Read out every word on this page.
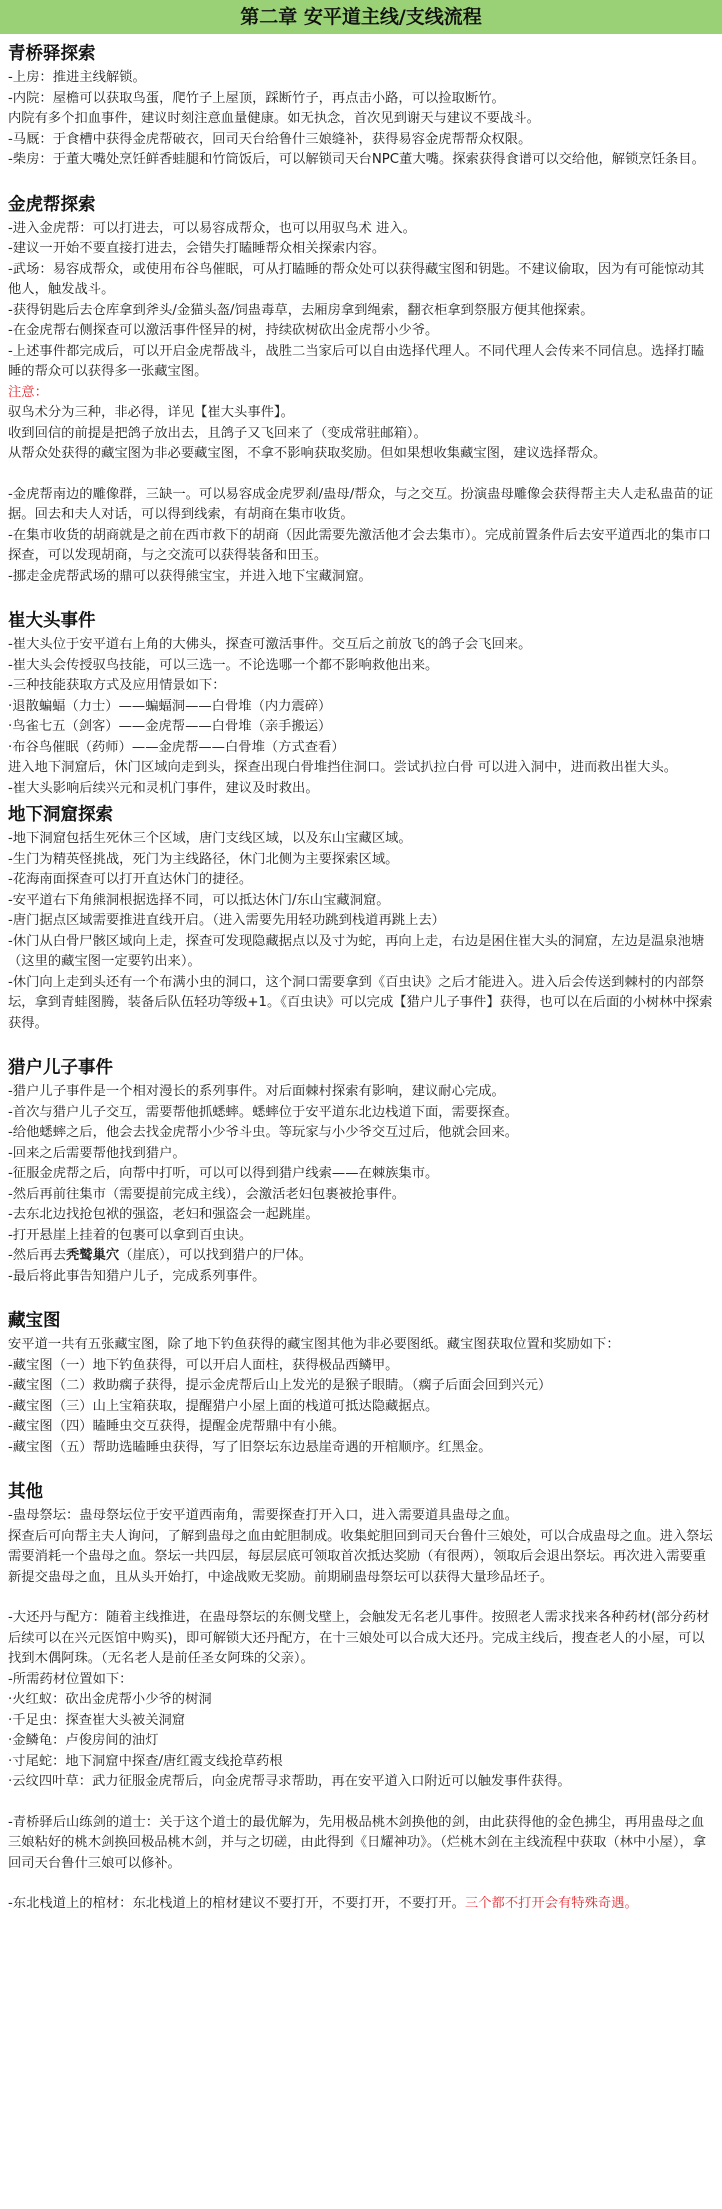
第二章 安平道主线/支线流程
青桥驿探索
-上房：推进主线解锁。
-内院：屋檐可以获取鸟蛋，爬竹子上屋顶，踩断竹子，再点击小路，可以捡取断竹。
内院有多个扣血事件，建议时刻注意血量健康。如无执念，首次见到谢天与建议不要战斗。
-马厩：于食槽中获得金虎帮破衣，回司天台给鲁什三娘缝补，获得易容金虎帮帮众权限。
-柴房：于董大嘴处烹饪鲜香蛙腿和竹筒饭后，可以解锁司天台NPC董大嘴。探索获得食谱可以交给他，解锁烹饪条目。
金虎帮探索
-进入金虎帮：可以打进去，可以易容成帮众，也可以用驭鸟术 进入。
-建议一开始不要直接打进去，会错失打瞌睡帮众相关探索内容。
-武场：易容成帮众，或使用布谷鸟催眠，可从打瞌睡的帮众处可以获得藏宝图和钥匙。不建议偷取，因为有可能惊动其他人，触发战斗。
-获得钥匙后去仓库拿到斧头/金猫头盔/饲蛊毒草，去厢房拿到绳索，翻衣柜拿到祭服方便其他探索。
-在金虎帮右侧探查可以激活事件怪异的树，持续砍树砍出金虎帮小少爷。
-上述事件都完成后，可以开启金虎帮战斗，战胜二当家后可以自由选择代理人。不同代理人会传来不同信息。选择打瞌睡的帮众可以获得多一张藏宝图。
注意：
驭鸟术分为三种，非必得，详见【崔大头事件】。
收到回信的前提是把鸽子放出去，且鸽子又飞回来了（变成常驻邮箱）。
从帮众处获得的藏宝图为非必要藏宝图，不拿不影响获取奖励。但如果想收集藏宝图，建议选择帮众。
-金虎帮南边的雕像群，三缺一。可以易容成金虎罗刹/蛊母/帮众，与之交互。扮演蛊母雕像会获得帮主夫人走私蛊苗的证据。回去和夫人对话，可以得到线索，有胡商在集市收货。
-在集市收货的胡商就是之前在西市救下的胡商（因此需要先激活他才会去集市）。完成前置条件后去安平道西北的集市口探查，可以发现胡商，与之交流可以获得装备和田玉。
-挪走金虎帮武场的鼎可以获得熊宝宝，并进入地下宝藏洞窟。
崔大头事件
-崔大头位于安平道右上角的大佛头，探查可激活事件。交互后之前放飞的鸽子会飞回来。
-崔大头会传授驭鸟技能，可以三选一。不论选哪一个都不影响救他出来。
-三种技能获取方式及应用情景如下：
·退散蝙蝠（力士）——蝙蝠洞——白骨堆（内力震碎）
·鸟雀七五（剑客）——金虎帮——白骨堆（亲手搬运）
·布谷鸟催眠（药师）——金虎帮——白骨堆（方式查看）
进入地下洞窟后，休门区域向走到头，探查出现白骨堆挡住洞口。尝试扒拉白骨 可以进入洞中，进而救出崔大头。
-崔大头影响后续兴元和灵机门事件，建议及时救出。
地下洞窟探索
-地下洞窟包括生死休三个区域，唐门支线区域，以及东山宝藏区域。
-生门为精英怪挑战，死门为主线路径，休门北侧为主要探索区域。
-花海南面探查可以打开直达休门的捷径。
-安平道右下角熊洞根据选择不同，可以抵达休门/东山宝藏洞窟。
-唐门据点区域需要推进直线开启。（进入需要先用轻功跳到栈道再跳上去）
-休门从白骨尸骸区域向上走，探查可发现隐藏据点以及寸为蛇，再向上走，右边是困住崔大头的洞窟，左边是温泉池塘（这里的藏宝图一定要钓出来）。
-休门向上走到头还有一个布满小虫的洞口，这个洞口需要拿到《百虫诀》之后才能进入。进入后会传送到棘村的内部祭坛，拿到青蛙图腾，装备后队伍轻功等级+1。《百虫诀》可以完成【猎户儿子事件】获得，也可以在后面的小树林中探索获得。
猎户儿子事件
-猎户儿子事件是一个相对漫长的系列事件。对后面棘村探索有影响，建议耐心完成。
-首次与猎户儿子交互，需要帮他抓蟋蟀。蟋蟀位于安平道东北边栈道下面，需要探查。
-给他蟋蟀之后，他会去找金虎帮小少爷斗虫。等玩家与小少爷交互过后，他就会回来。
-回来之后需要帮他找到猎户。
-征服金虎帮之后，向帮中打听，可以可以得到猎户线索——在棘族集市。
-然后再前往集市（需要提前完成主线），会激活老妇包裹被抢事件。
-去东北边找抢包袱的强盗，老妇和强盗会一起跳崖。
-打开悬崖上挂着的包裹可以拿到百虫诀。
-然后再去秃鹫巢穴（崖底），可以找到猎户的尸体。
-最后将此事告知猎户儿子，完成系列事件。
藏宝图
安平道一共有五张藏宝图，除了地下钓鱼获得的藏宝图其他为非必要图纸。藏宝图获取位置和奖励如下：
-藏宝图（一）地下钓鱼获得，可以开启人面柱，获得极品西鳞甲。
-藏宝图（二）救助瘸子获得，提示金虎帮后山上发光的是猴子眼睛。（瘸子后面会回到兴元）
-藏宝图（三）山上宝箱获取，提醒猎户小屋上面的栈道可抵达隐藏据点。
-藏宝图（四）瞌睡虫交互获得，提醒金虎帮鼎中有小熊。
-藏宝图（五）帮助选瞌睡虫获得，写了旧祭坛东边悬崖奇遇的开棺顺序。红黑金。
其他
-蛊母祭坛：蛊母祭坛位于安平道西南角，需要探查打开入口，进入需要道具蛊母之血。
探查后可向帮主夫人询问，了解到蛊母之血由蛇胆制成。收集蛇胆回到司天台鲁什三娘处，可以合成蛊母之血。进入祭坛需要消耗一个蛊母之血。祭坛一共四层，每层层底可领取首次抵达奖励（有很两），领取后会退出祭坛。再次进入需要重新提交蛊母之血，且从头开始打，中途战败无奖励。前期刷蛊母祭坛可以获得大量珍品坯子。
-大还丹与配方：随着主线推进，在蛊母祭坛的东侧戈壁上，会触发无名老儿事件。按照老人需求找来各种药材(部分药材后续可以在兴元医馆中购买)，即可解锁大还丹配方，在十三娘处可以合成大还丹。完成主线后，搜查老人的小屋，可以找到木偶阿珠。（无名老人是前任圣女阿珠的父亲）。
-所需药材位置如下：
·火红蚁：砍出金虎帮小少爷的树洞
·千足虫：探查崔大头被关洞窟
·金鳞龟：卢俊房间的油灯
·寸尾蛇：地下洞窟中探查/唐红霞支线抢草药根
·云纹四叶草：武力征服金虎帮后，向金虎帮寻求帮助，再在安平道入口附近可以触发事件获得。
-青桥驿后山练剑的道士：关于这个道士的最优解为，先用极品桃木剑换他的剑，由此获得他的金色拂尘，再用蛊母之血三娘粘好的桃木剑换回极品桃木剑，并与之切磋，由此得到《日耀神功》。（烂桃木剑在主线流程中获取（林中小屋），拿回司天台鲁什三娘可以修补。
-东北栈道上的棺材：东北栈道上的棺材建议不要打开，不要打开，不要打开。三个都不打开会有特殊奇遇。
